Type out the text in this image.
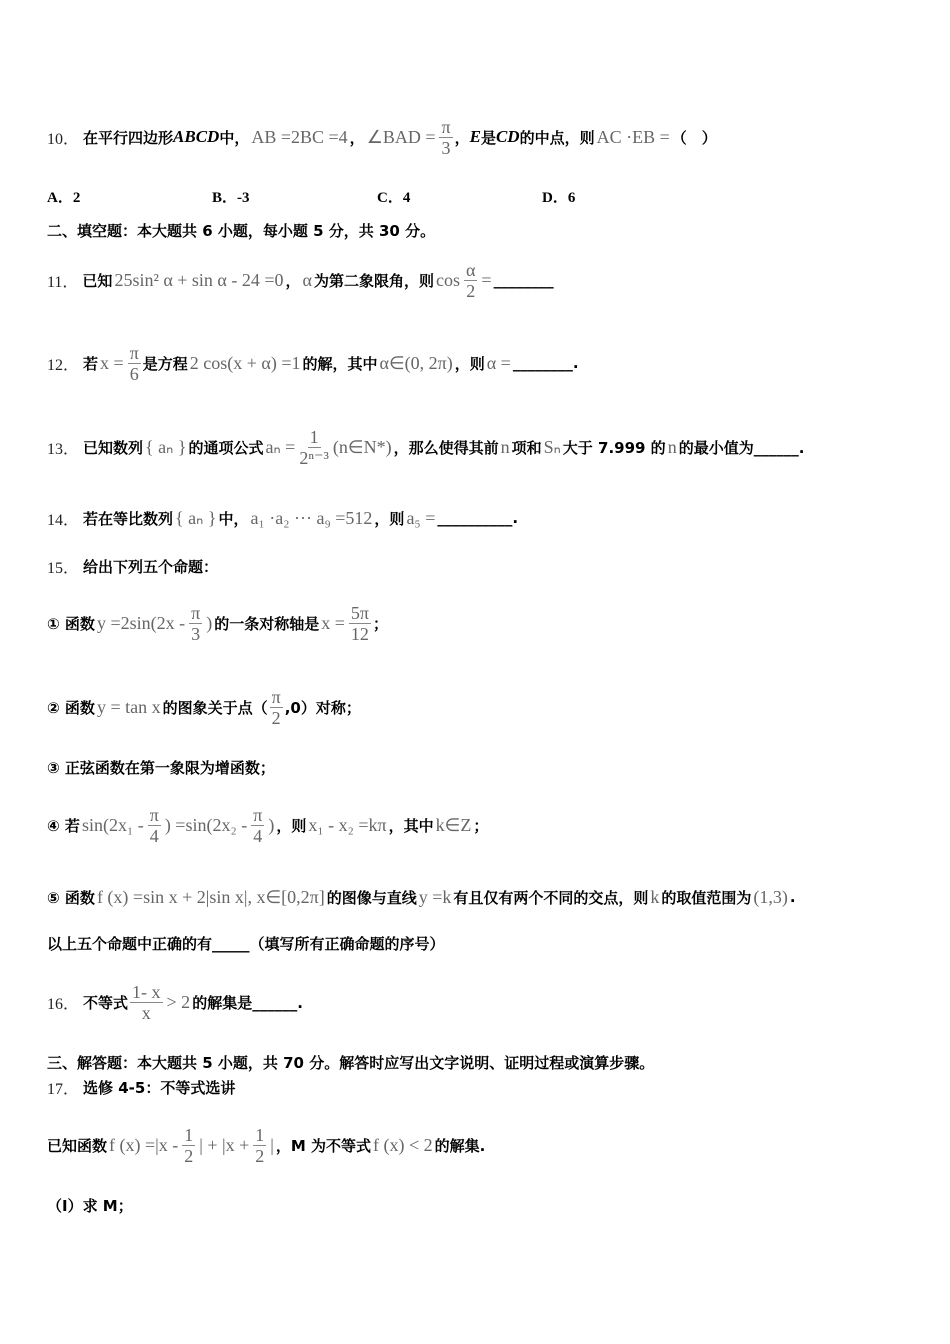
10． 在平行四边形 ABCD 中， AB =2BC =4 ， ∠BAD = $\frac{\pi}{3}$ ， E 是 CD 的中点，则 AC ·EB = （　）
二、填空题：本大题共 6 小题，每小题 5 分，共 30 分。
11． 已知 25sin² α + sin α - 24 =0 ， α 为第二象限角，则 $\cos \frac{\alpha}{2}$ = ________
12． 若 $x = \frac{\pi}{6}$ 是方程 2 cos(x + α) =1 的解，其中 α∈(0, 2π) ，则 α = ________.
13． 已知数列 { aₙ } 的通项公式 $a_n = \frac{1}{\text{2ⁿ⁻³}}$ (n∈N*) ，那么使得其前 n 项和 Sₙ 大于 7.999 的 n 的最小值为______.
14． 若在等比数列 { aₙ } 中， a₁ ·a₂ ··· a₉ =512 ，则 a₅ = __________.
15． 给出下列五个命题：
① 函数 $y =2\sin(2x - \frac{\pi}{3}$ ) 的一条对称轴是 $x = \frac{5\pi}{12}$ ；
② 函数 y = tan x 的图象关于点（ $\frac{\pi}{2} ,0$）对称；
③ 正弦函数在第一象限为增函数；
④ 若 $\sin(2x_1 - \frac{\pi}{4}$ ) $=\sin(2x_2 - \frac{\pi}{4}$ ) ，则 x₁ - x₂ =kπ ，其中 k∈Z ；
⑤ 函数 f (x) =sin x + 2|sin x|, x∈[0,2π] 的图像与直线 y =k 有且仅有两个不同的交点，则 k 的取值范围为 (1,3) .
以上五个命题中正确的有_____（填写所有正确命题的序号）
16． 不等式 $\frac{1- x}{x} > 2$ 的解集是______.
三、解答题：本大题共 5 小题，共 70 分。解答时应写出文字说明、证明过程或演算步骤。
17． 选修 4-5：不等式选讲
已知函数 f $(x) =|x - \frac{1}{2}$ | + $|x + \frac{1}{2}$ | ，M 为不等式 f (x) < 2 的解集.
（Ⅰ）求 M；
A．2	B．-3	C．4	D．6
